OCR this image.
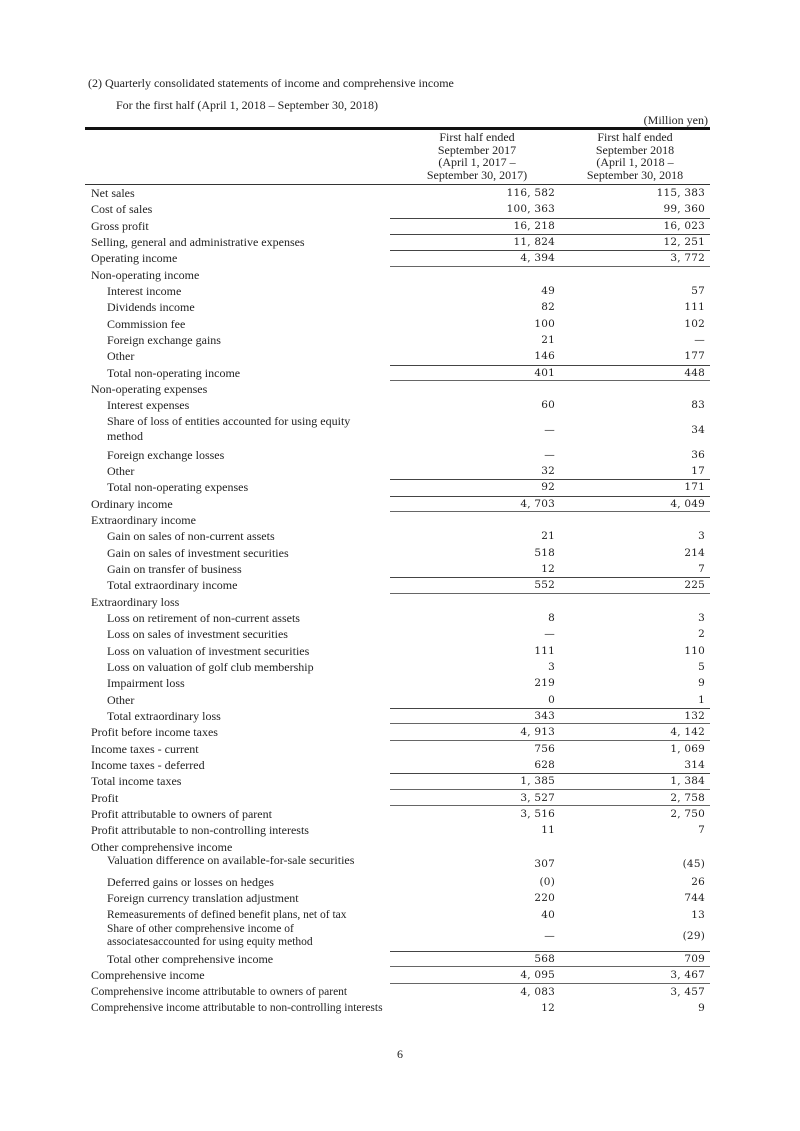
(2) Quarterly consolidated statements of income and comprehensive income
For the first half (April 1, 2018 – September 30, 2018)
(Million yen)
First half ended
September 2017
(April 1, 2017 –
September 30, 2017)
First half ended
September 2018
(April 1, 2018 –
September 30, 2018
Net sales	116, 582	115, 383
Cost of sales	100, 363	99, 360
Gross profit	16, 218	16, 023
Selling, general and administrative expenses	11, 824	12, 251
Operating income	4, 394	3, 772
Non-operating income
Interest income	49	57
Dividends income	82	111
Commission fee	100	102
Foreign exchange gains	21	—
Other	146	177
Total non-operating income	401	448
Non-operating expenses
Interest expenses	60	83
Share of loss of entities accounted for using equity method	—	34
Foreign exchange losses	—	36
Other	32	17
Total non-operating expenses	92	171
Ordinary income	4, 703	4, 049
Extraordinary income
Gain on sales of non-current assets	21	3
Gain on sales of investment securities	518	214
Gain on transfer of business	12	7
Total extraordinary income	552	225
Extraordinary loss
Loss on retirement of non-current assets	8	3
Loss on sales of investment securities	—	2
Loss on valuation of investment securities	111	110
Loss on valuation of golf club membership	3	5
Impairment loss	219	9
Other	0	1
Total extraordinary loss	343	132
Profit before income taxes	4, 913	4, 142
Income taxes - current	756	1, 069
Income taxes - deferred	628	314
Total income taxes	1, 385	1, 384
Profit	3, 527	2, 758
Profit attributable to owners of parent	3, 516	2, 750
Profit attributable to non-controlling interests	11	7
Other comprehensive income
Valuation difference on available-for-sale securities	307	(45)
Deferred gains or losses on hedges	(0)	26
Foreign currency translation adjustment	220	744
Remeasurements of defined benefit plans, net of tax	40	13
Share of other comprehensive income of associatesaccounted for using equity method	—	(29)
Total other comprehensive income	568	709
Comprehensive income	4, 095	3, 467
Comprehensive income attributable to owners of parent	4, 083	3, 457
Comprehensive income attributable to non-controlling interests	12	9
6
